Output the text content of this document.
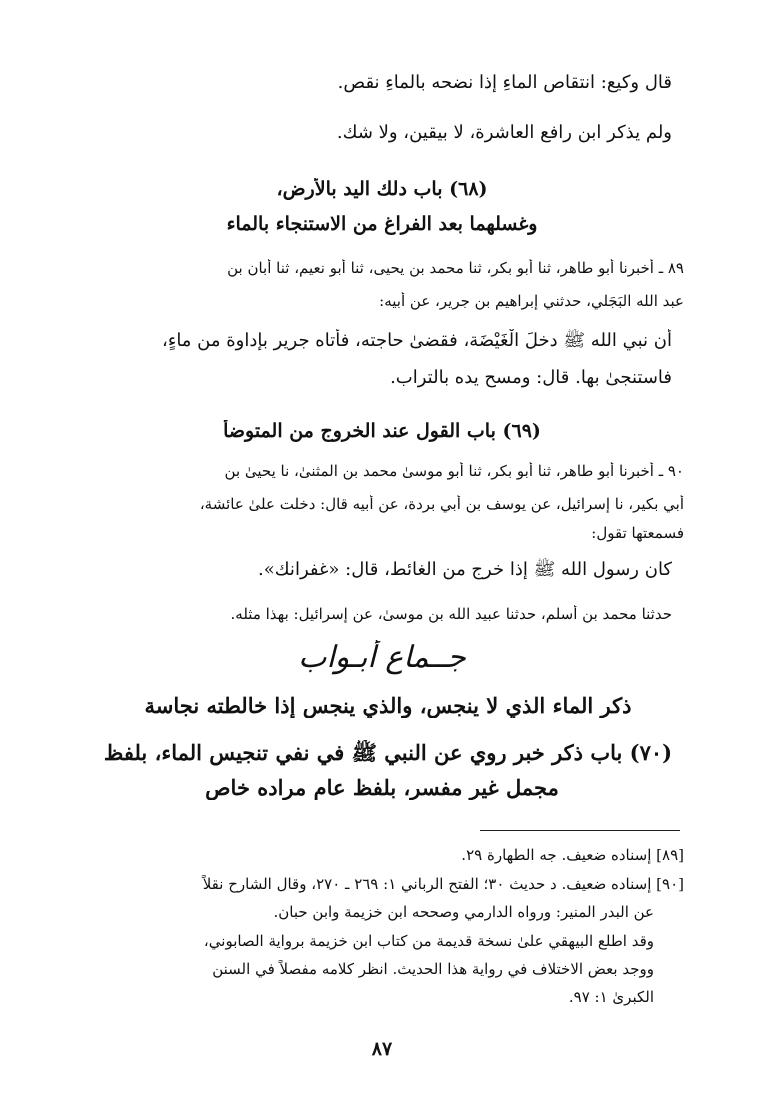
قال وكيع: انتقاص الماءِ إذا نضحه بالماءِ نقص.
ولم يذكر ابن رافع العاشرة، لا بيقين، ولا شك.
(٦٨) باب دلك اليد بالأرض،
وغسلهما بعد الفراغ من الاستنجاء بالماء
٨٩ ـ أخبرنا أبو طاهر، ثنا أبو بكر، ثنا محمد بن يحيى، ثنا أبو نعيم، ثنا أبان بن
عبد الله البَجَلي، حدثني إبراهيم بن جرير، عن أبيه:
أن نبي الله ﷺ دخلَ الْغَيْضَة، فقضىٰ حاجته، فأتاه جرير بإداوة من ماءٍ،
فاستنجىٰ بها. قال: ومسح يده بالتراب.
(٦٩) باب القول عند الخروج من المتوضأ
٩٠ ـ أخبرنا أبو طاهر، ثنا أبو بكر، ثنا أبو موسىٰ محمد بن المثنىٰ، نا يحيىٰ بن
أبي بكير، نا إسرائيل، عن يوسف بن أبي بردة، عن أبيه قال: دخلت علىٰ عائشة،
فسمعتها تقول:
كان رسول الله ﷺ إذا خرج من الغائط، قال: «غفرانك».
حدثنا محمد بن أسلم، حدثنا عبيد الله بن موسىٰ، عن إسرائيل: بهذا مثله.
جــماع أبـواب
ذكر الماء الذي لا ينجس، والذي ينجس إذا خالطته نجاسة
(٧٠) باب ذكر خبر روي عن النبي ﷺ في نفي تنجيس الماء، بلفظ
مجمل غير مفسر، بلفظ عام مراده خاص
[٨٩] إسناده ضعيف. جه الطهارة ٢٩.
[٩٠] إسناده ضعيف. د حديث ٣٠؛ الفتح الرباني ١: ٢٦٩ ـ ٢٧٠، وقال الشارح نقلاً
عن البدر المنير: ورواه الدارمي وصححه ابن خزيمة وابن حبان.
وقد اطلع البيهقي علىٰ نسخة قديمة من كتاب ابن خزيمة برواية الصابوني،
ووجد بعض الاختلاف في رواية هذا الحديث. انظر كلامه مفصلاً في السنن
الكبرىٰ ١: ٩٧.
٨٧
